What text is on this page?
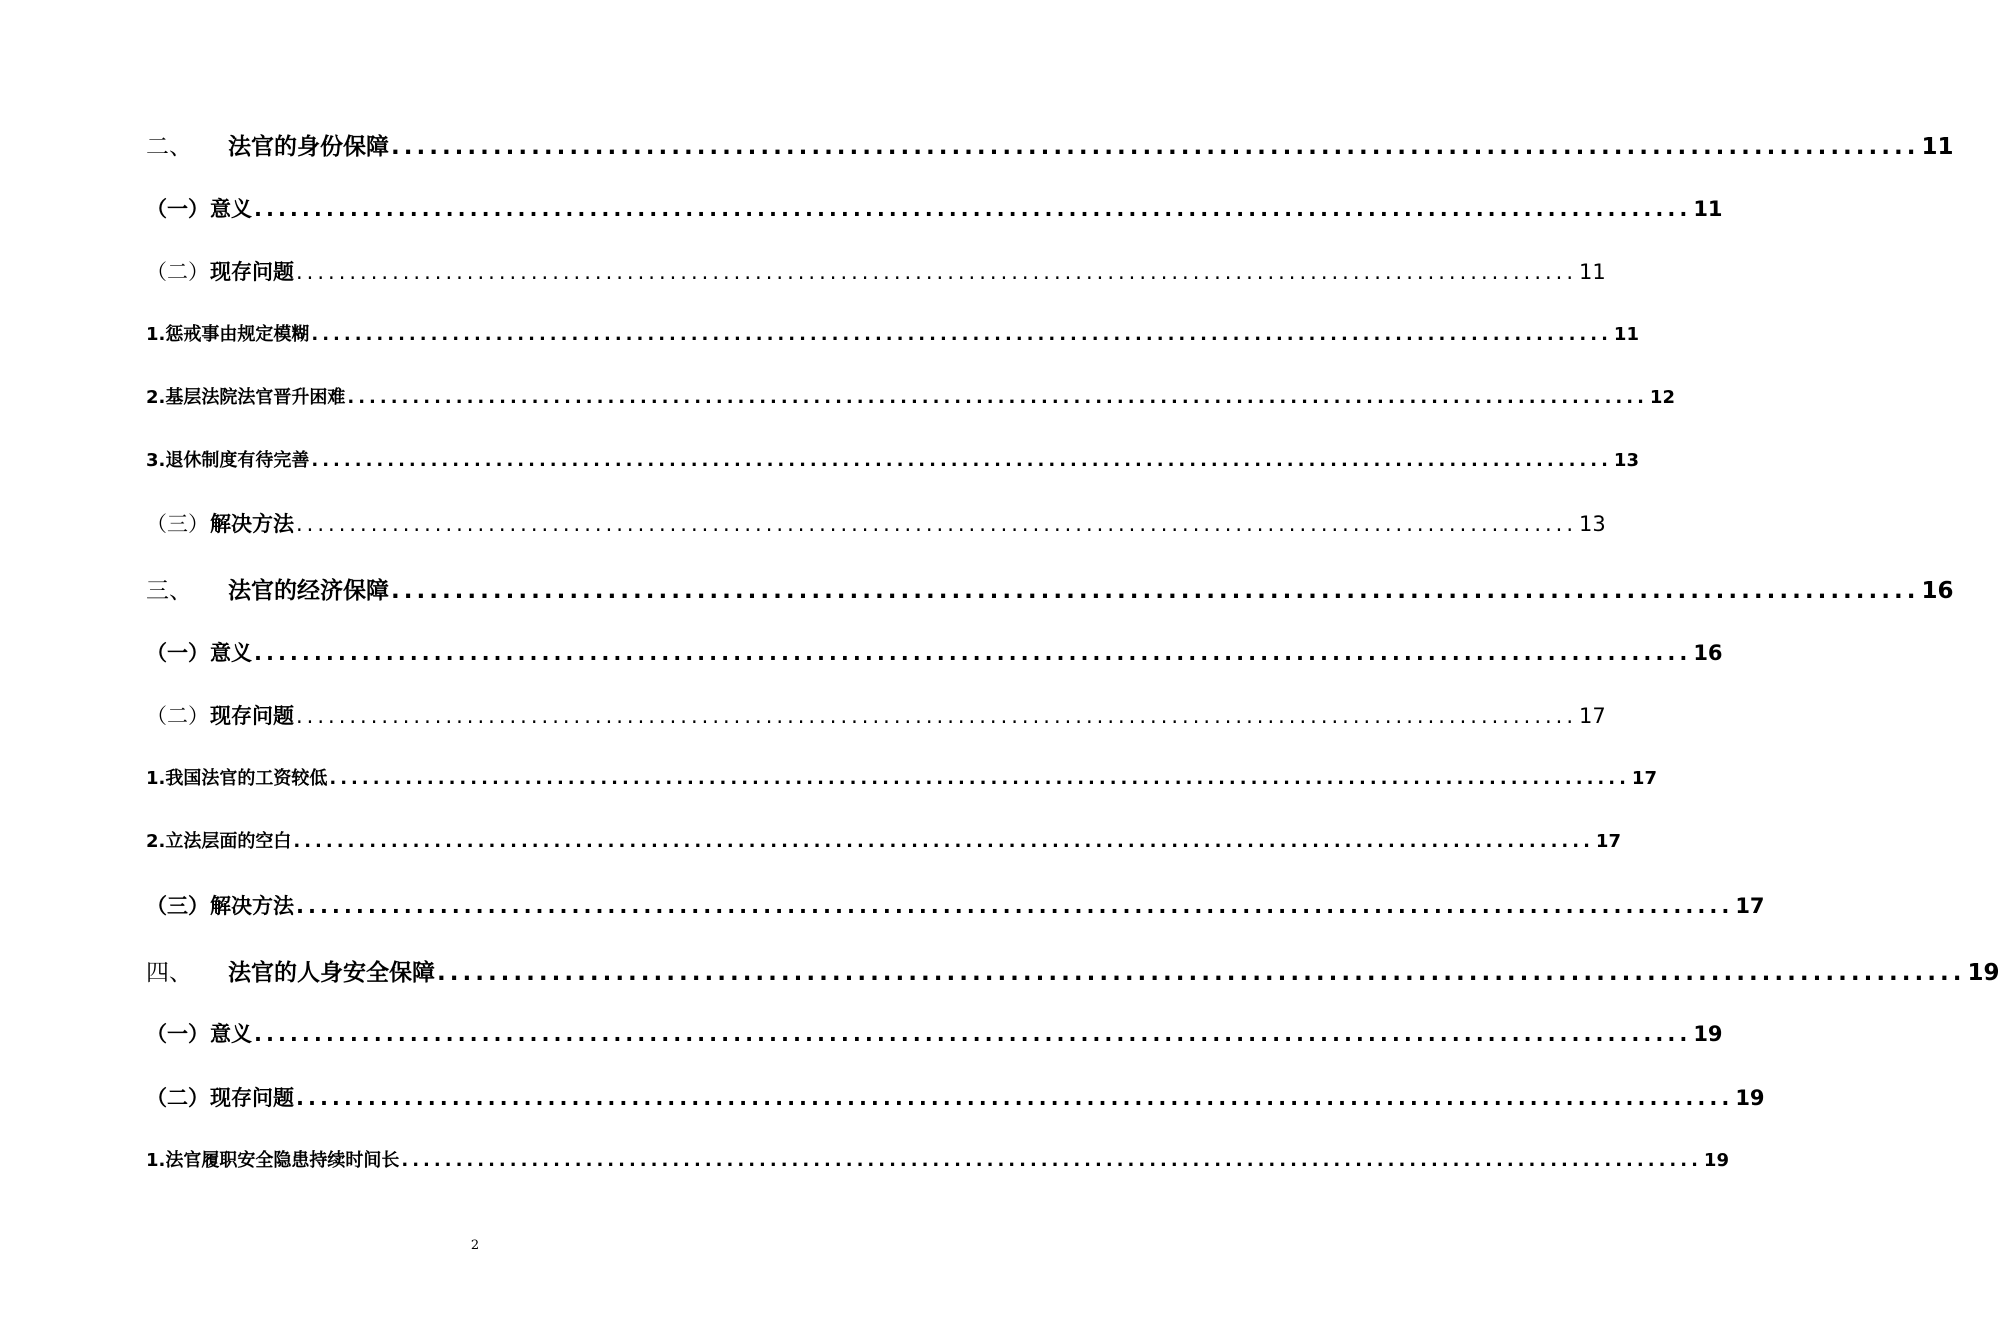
二、	法官的身份保障 ........................................................................................................................ 11
（一） 意义 ........................................................................................................................ 11
（二） 现存问题 ........................................................................................................................ 11
1. 惩戒事由规定模糊 ........................................................................................................................ 11
2. 基层法院法官晋升困难 ........................................................................................................................ 12
3. 退休制度有待完善 ........................................................................................................................ 13
（三） 解决方法 ........................................................................................................................ 13
三、	法官的经济保障 ........................................................................................................................ 16
（一） 意义 ........................................................................................................................ 16
（二） 现存问题 ........................................................................................................................ 17
1. 我国法官的工资较低 ........................................................................................................................ 17
2. 立法层面的空白 ........................................................................................................................ 17
（三） 解决方法 ........................................................................................................................ 17
四、	法官的人身安全保障 ........................................................................................................................ 19
（一） 意义 ........................................................................................................................ 19
（二） 现存问题 ........................................................................................................................ 19
1. 法官履职安全隐患持续时间长 ........................................................................................................................ 19
2
